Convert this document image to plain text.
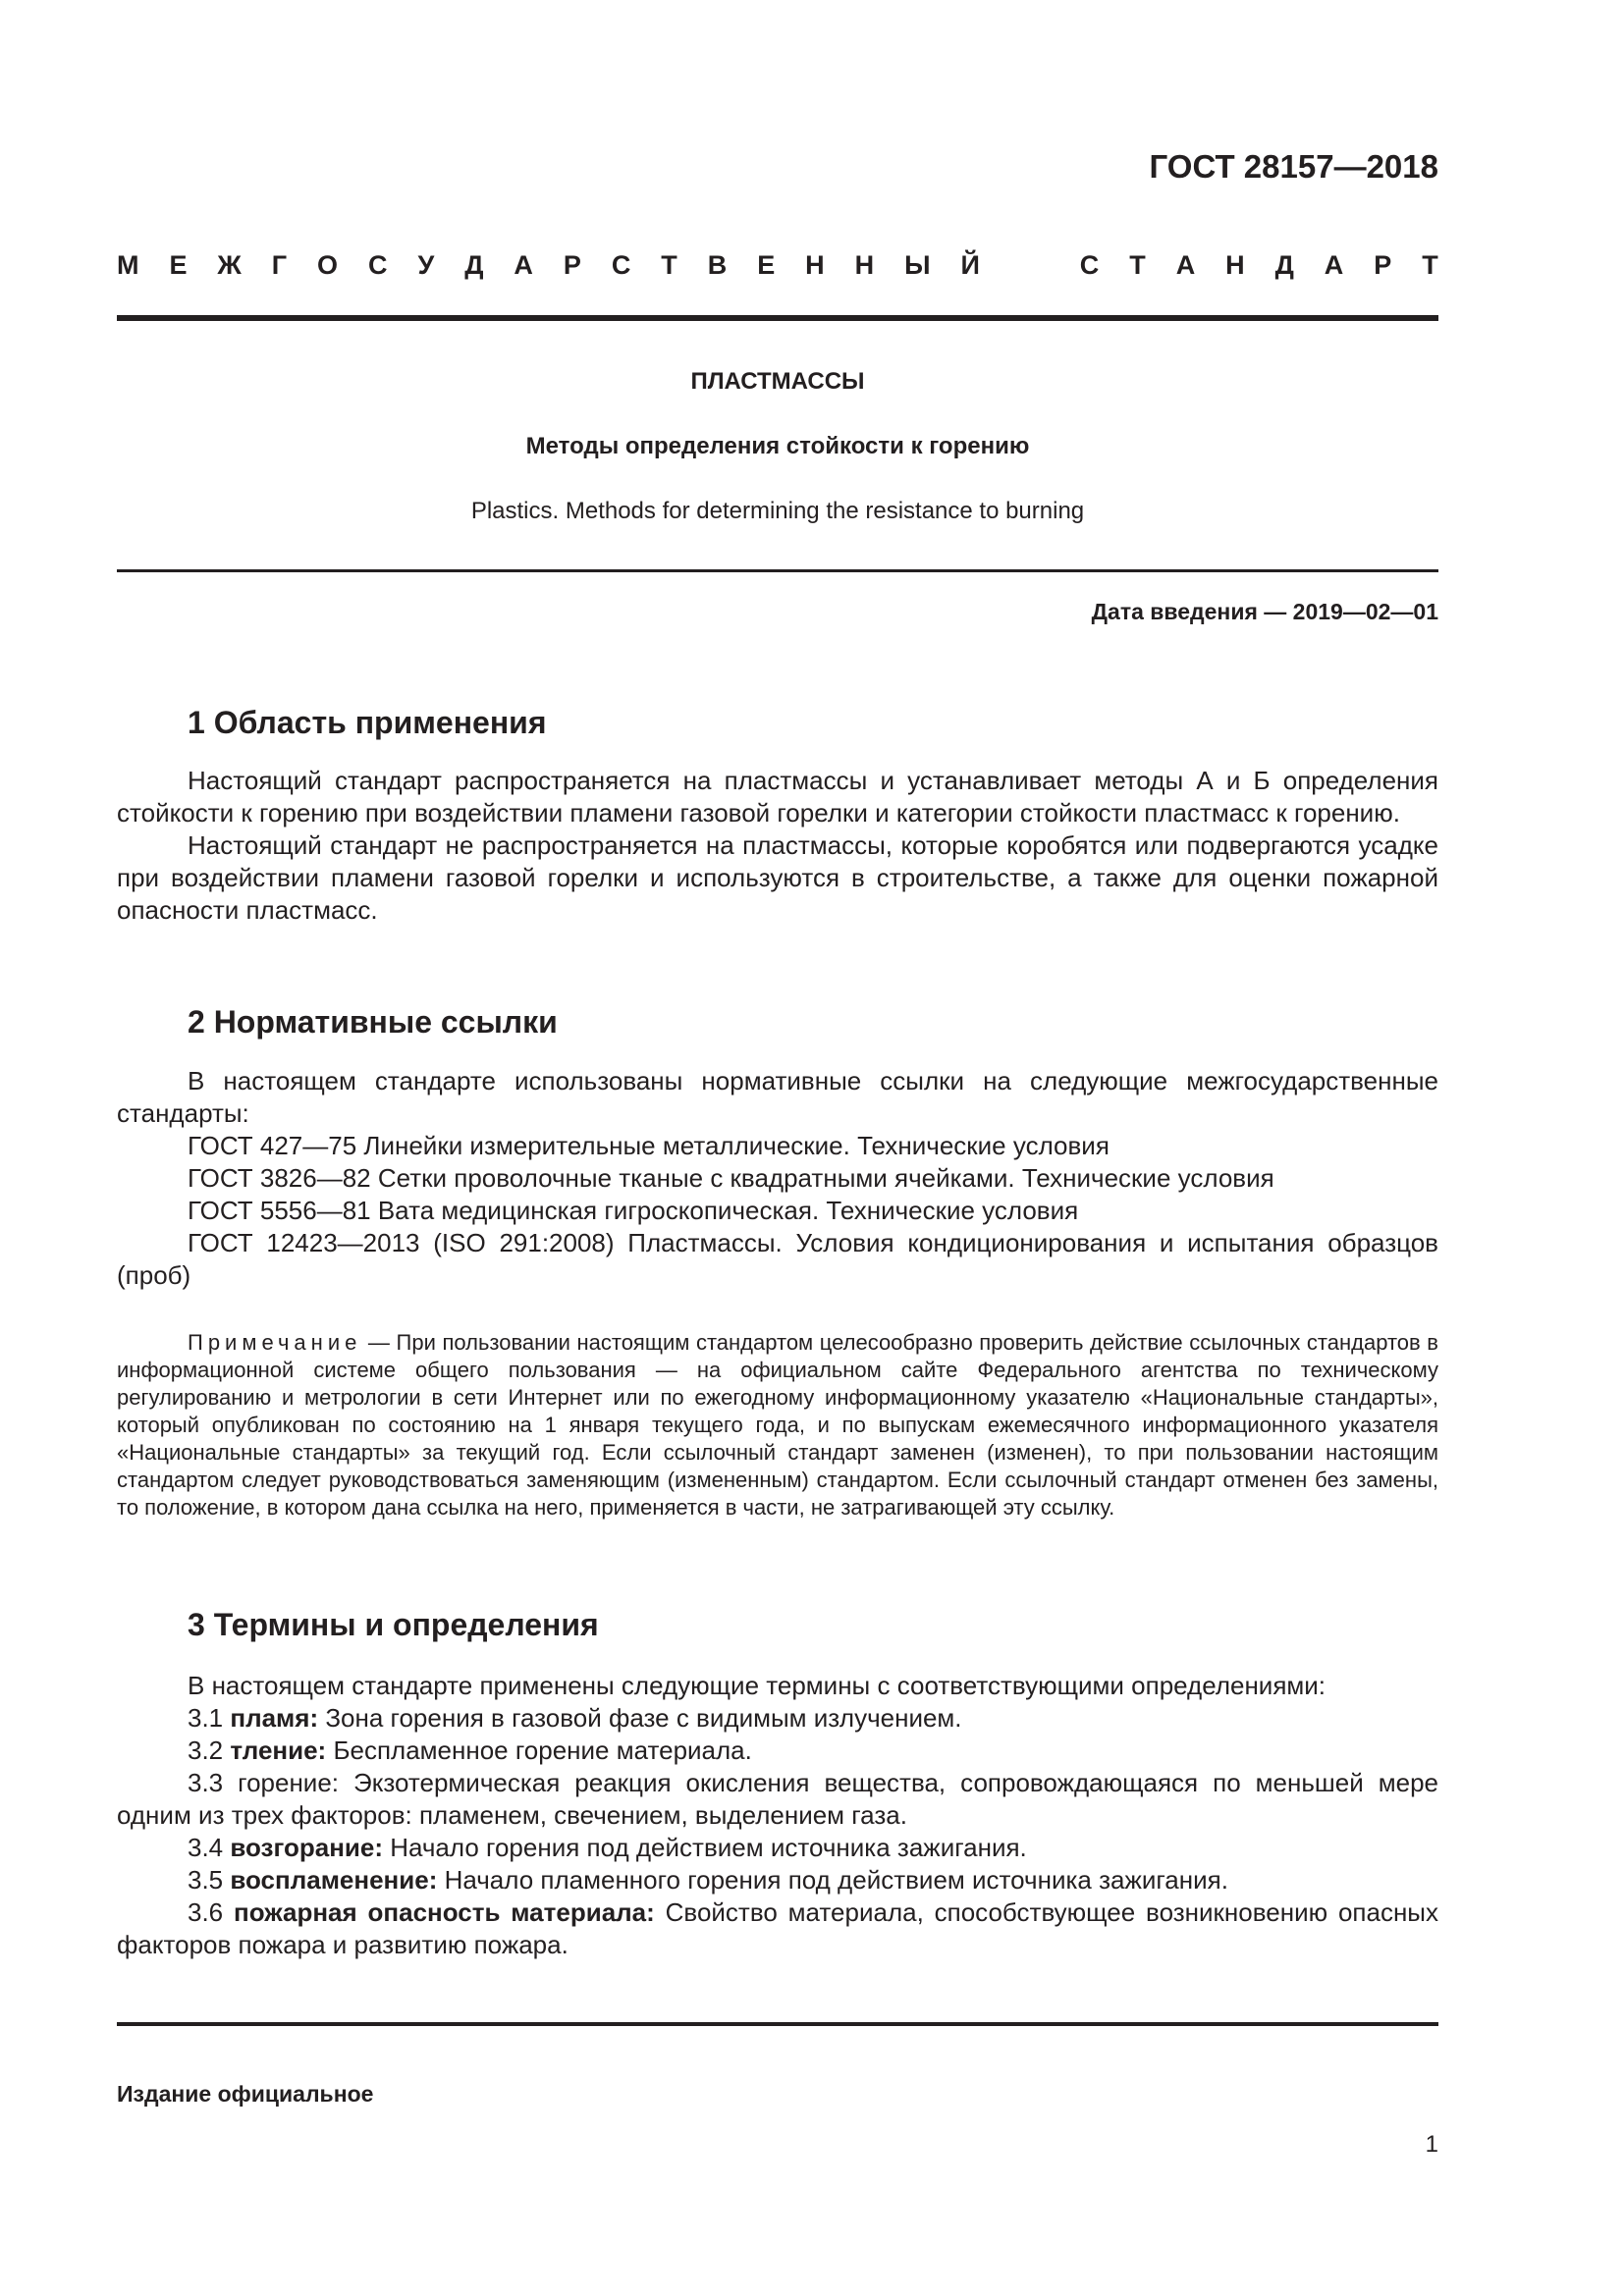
ГОСТ 28157—2018
М Е Ж Г О С У Д А Р С Т В Е Н Н Ы Й	С Т А Н Д А Р Т
ПЛАСТМАССЫ
Методы определения стойкости к горению
Plastics. Methods for determining the resistance to burning
Дата введения — 2019—02—01
1 Область применения

Настоящий стандарт распространяется на пластмассы и устанавливает методы А и Б определения стойкости к горению при воздействии пламени газовой горелки и категории стойкости пластмасс к горению.

Настоящий стандарт не распространяется на пластмассы, которые коробятся или подвергаются усадке при воздействии пламени газовой горелки и используются в строительстве, а также для оценки пожарной опасности пластмасс.

2 Нормативные ссылки

В настоящем стандарте использованы нормативные ссылки на следующие межгосударственные стандарты:

ГОСТ 427—75 Линейки измерительные металлические. Технические условия

ГОСТ 3826—82 Сетки проволочные тканые с квадратными ячейками. Технические условия

ГОСТ 5556—81 Вата медицинская гигроскопическая. Технические условия

ГОСТ 12423—2013 (ISO 291:2008) Пластмассы. Условия кондиционирования и испытания образцов (проб)

Примечание — При пользовании настоящим стандартом целесообразно проверить действие ссылочных стандартов в информационной системе общего пользования — на официальном сайте Федерального агентства по техническому регулированию и метрологии в сети Интернет или по ежегодному информационному указателю «Национальные стандарты», который опубликован по состоянию на 1 января текущего года, и по выпускам ежемесячного информационного указателя «Национальные стандарты» за текущий год. Если ссылочный стандарт заменен (изменен), то при пользовании настоящим стандартом следует руководствоваться заменяющим (измененным) стандартом. Если ссылочный стандарт отменен без замены, то положение, в котором дана ссылка на него, применяется в части, не затрагивающей эту ссылку.

3 Термины и определения

В настоящем стандарте применены следующие термины с соответствующими определениями:

3.1 пламя: Зона горения в газовой фазе с видимым излучением.

3.2 тление: Беспламенное горение материала.

3.3 горение: Экзотермическая реакция окисления вещества, сопровождающаяся по меньшей мере одним из трех факторов: пламенем, свечением, выделением газа.

3.4 возгорание: Начало горения под действием источника зажигания.

3.5 воспламенение: Начало пламенного горения под действием источника зажигания.

3.6 пожарная опасность материала: Свойство материала, способствующее возникновению опасных факторов пожара и развитию пожара.

Издание официальное
1
